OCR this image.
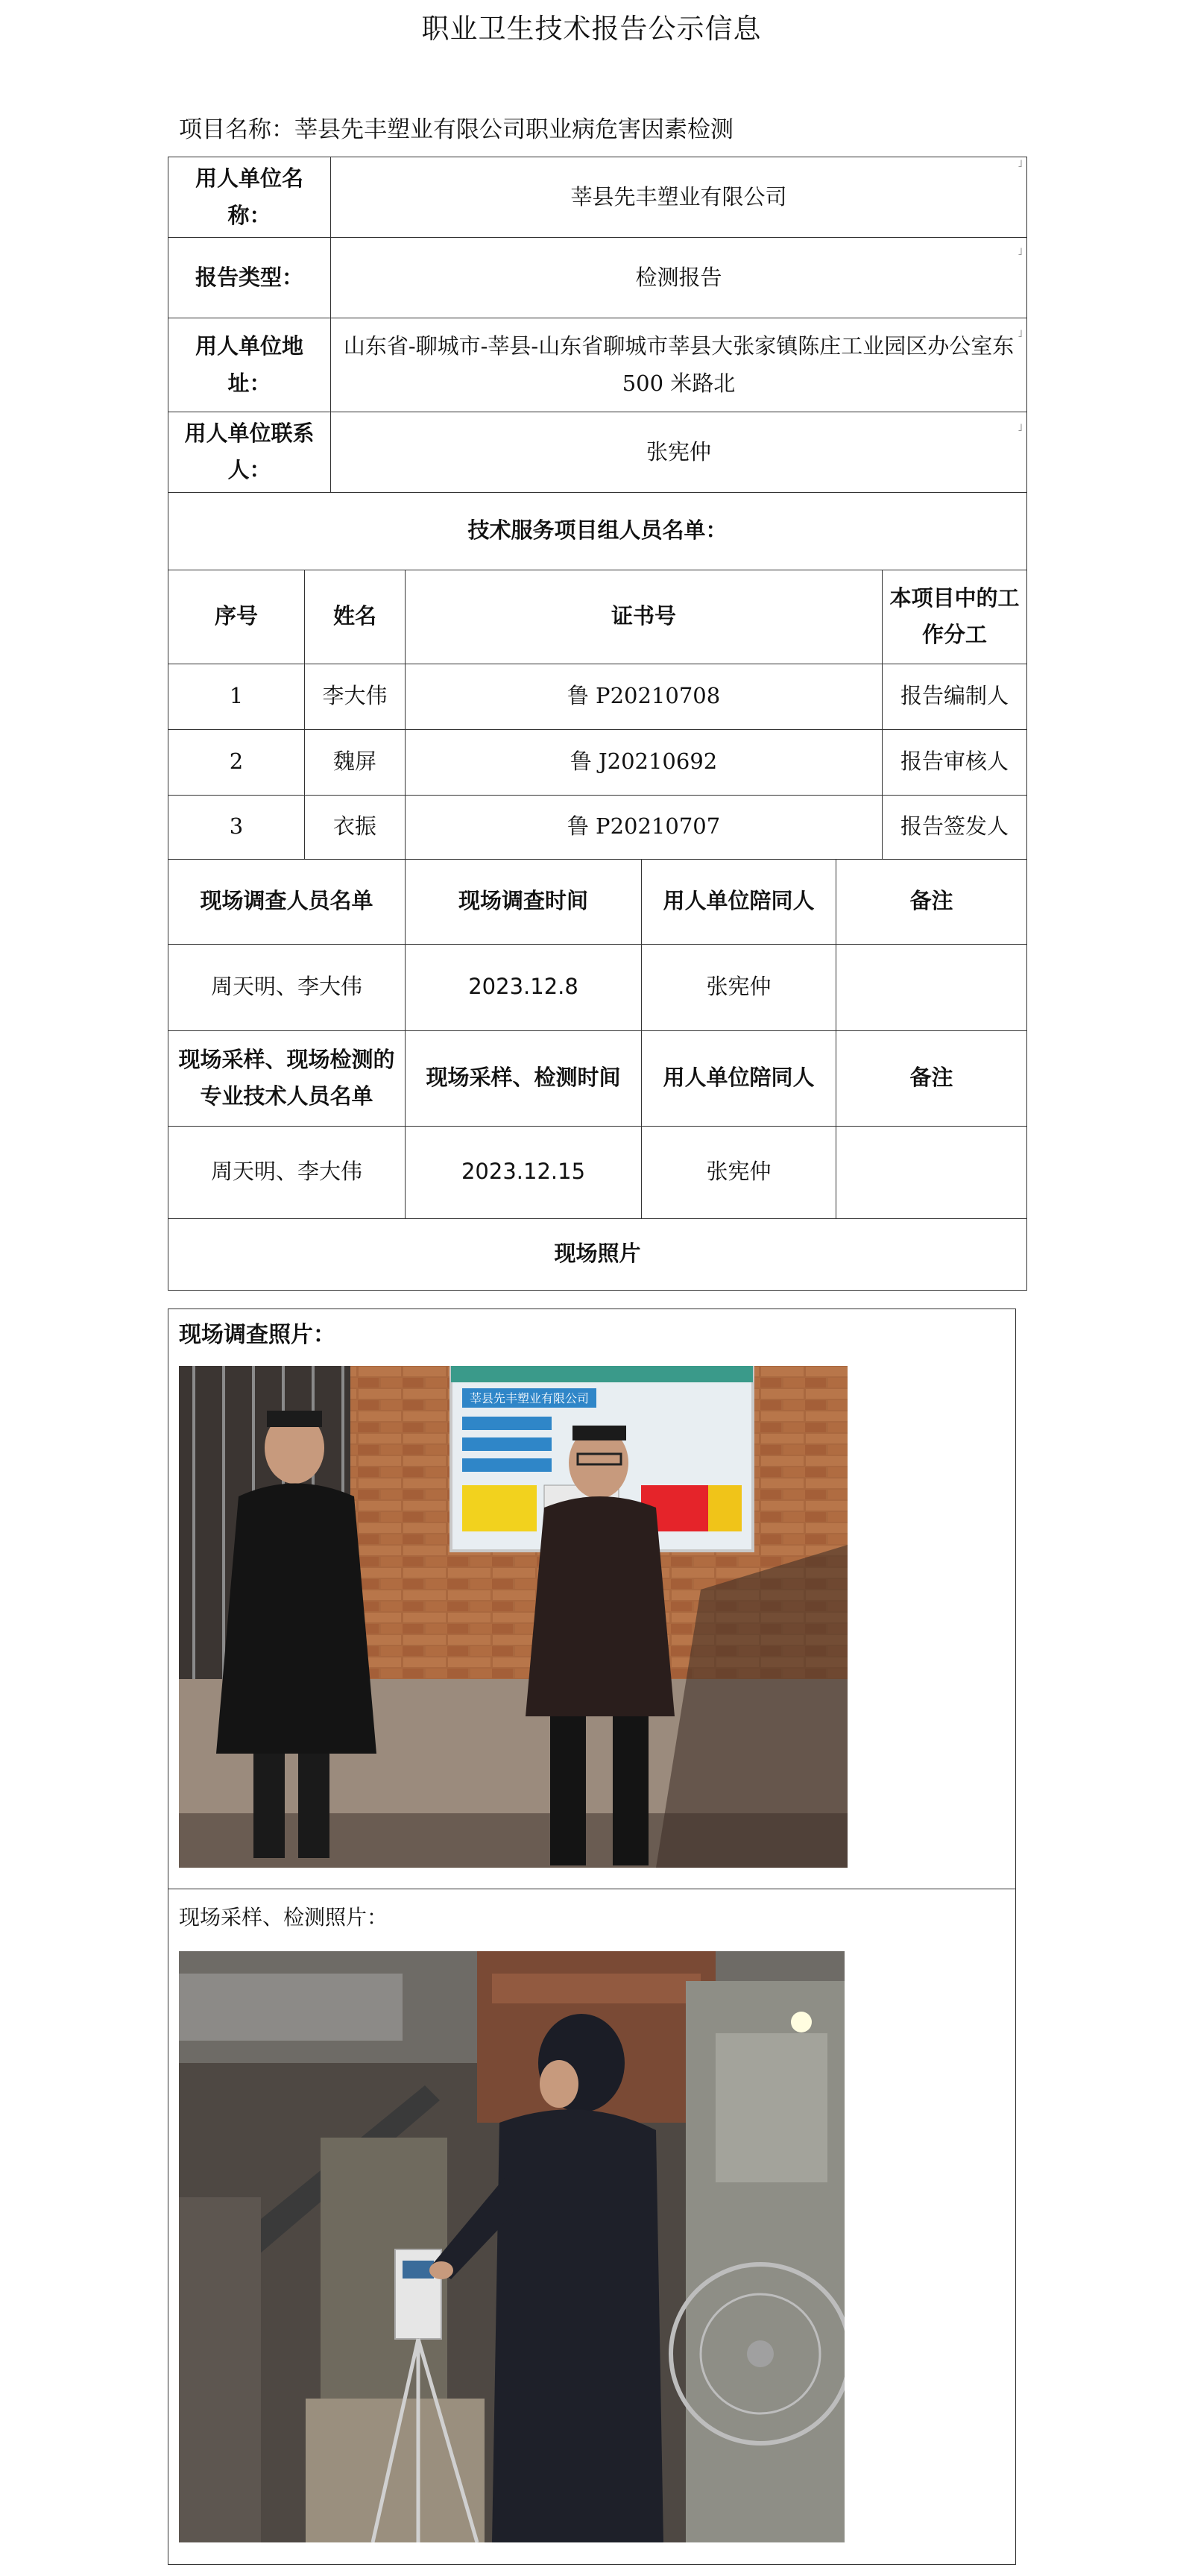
职业卫生技术报告公示信息
项目名称：莘县先丰塑业有限公司职业病危害因素检测
用人单位名称：		莘县先丰塑业有限公司				
报告类型：		检测报告				
用人单位地址：		山东省-聊城市-莘县-山东省聊城市莘县大张家镇陈庄工业园区办公室东 500 米路北				
用人单位联系人：		张宪仲				
技术服务项目组人员名单：						
序号	姓名		证书号			本项目中的工作分工
1	李大伟		鲁 P20210708			报告编制人
2	魏屏		鲁 J20210692			报告审核人
3	衣振		鲁 P20210707			报告签发人
现场调查人员名单			现场调查时间	用人单位陪同人	备注	
周天明、李大伟			2023.12.8	张宪仲		
现场采样、现场检测的专业技术人员名单			现场采样、检测时间	用人单位陪同人	备注	
周天明、李大伟			2023.12.15	张宪仲		
现场照片						
˩
˩
˩
˩
现场调查照片：
现场采样、检测照片：
莘县先丰塑业有限公司
